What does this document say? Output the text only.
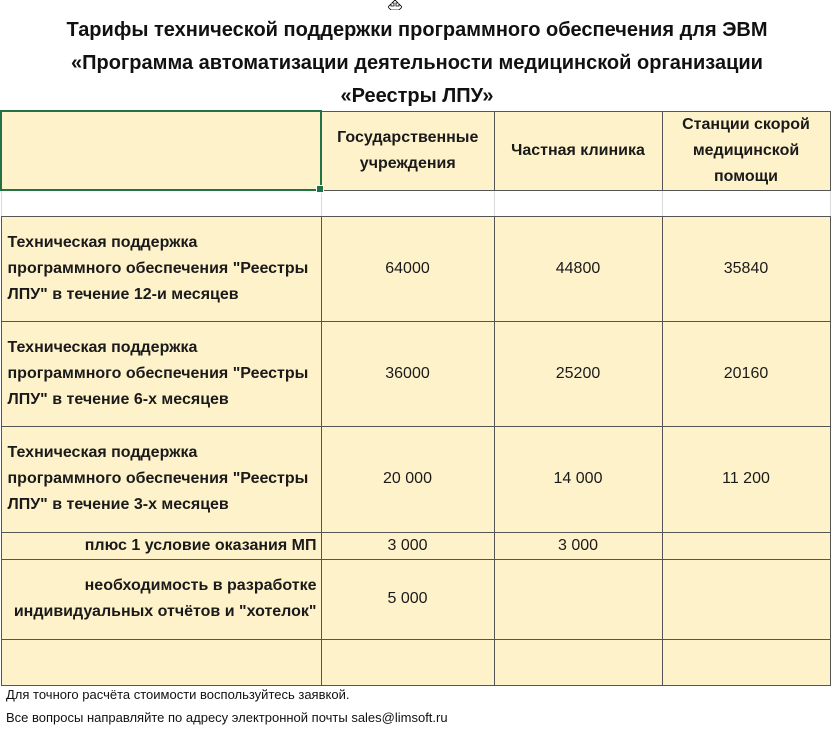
Тарифы технической поддержки программного обеспечения для ЭВМ
«Программа автоматизации деятельности медицинской организации
«Реестры ЛПУ»
	Государственные учреждения	Частная клиника	Станции скорой медицинской помощи

Техническая поддержка программного обеспечения "Реестры ЛПУ" в течение 12-и месяцев	64000	44800	35840
Техническая поддержка программного обеспечения "Реестры ЛПУ" в течение 6-х месяцев	36000	25200	20160
Техническая поддержка программного обеспечения "Реестры ЛПУ" в течение 3-х месяцев	20 000	14 000	11 200
плюс 1 условие оказания МП	3 000	3 000	
необходимость в разработке индивидуальных отчётов и "хотелок"	5 000		

Для точного расчёта стоимости воспользуйтесь заявкой.
Все вопросы направляйте по адресу электронной почты sales@limsoft.ru
